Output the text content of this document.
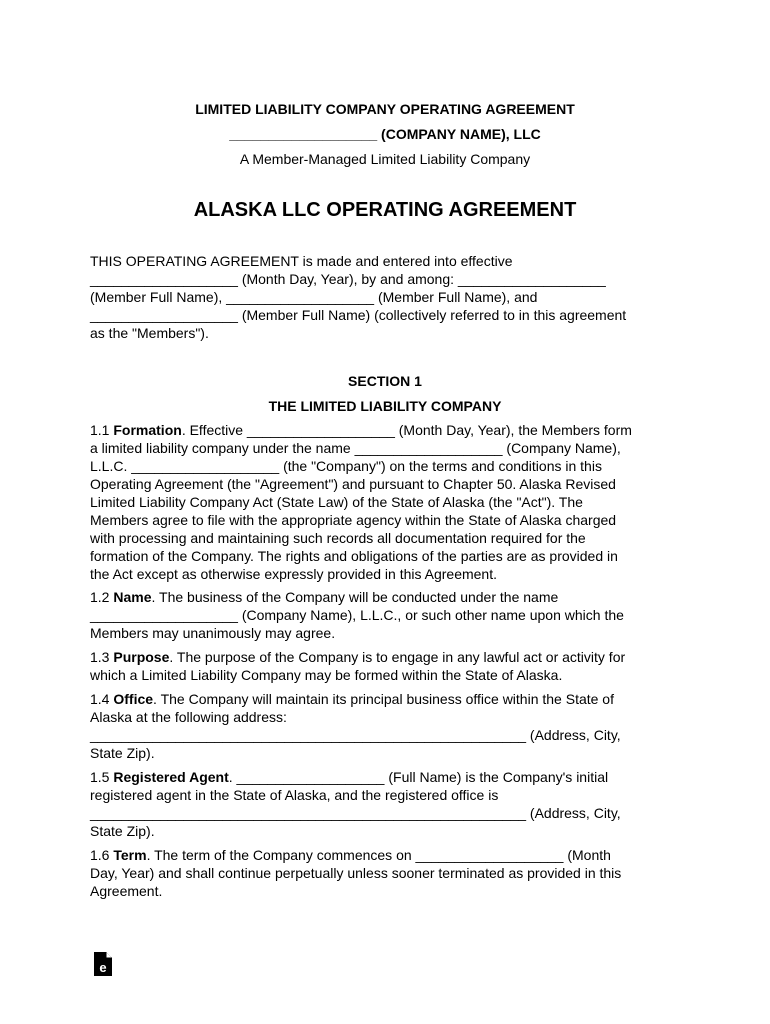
LIMITED LIABILITY COMPANY OPERATING AGREEMENT

___________________ (COMPANY NAME), LLC

A Member-Managed Limited Liability Company

ALASKA LLC OPERATING AGREEMENT

THIS OPERATING AGREEMENT is made and entered into effective
___________________ (Month Day, Year), by and among: ___________________
(Member Full Name), ___________________ (Member Full Name), and
___________________ (Member Full Name) (collectively referred to in this agreement
as the "Members").

SECTION 1

THE LIMITED LIABILITY COMPANY

1.1 Formation. Effective ___________________ (Month Day, Year), the Members form
a limited liability company under the name ___________________ (Company Name),
L.L.C. ___________________ (the "Company") on the terms and conditions in this
Operating Agreement (the "Agreement") and pursuant to Chapter 50. Alaska Revised
Limited Liability Company Act (State Law) of the State of Alaska (the "Act"). The
Members agree to file with the appropriate agency within the State of Alaska charged
with processing and maintaining such records all documentation required for the
formation of the Company. The rights and obligations of the parties are as provided in
the Act except as otherwise expressly provided in this Agreement.
1.2 Name. The business of the Company will be conducted under the name
___________________ (Company Name), L.L.C., or such other name upon which the
Members may unanimously may agree.
1.3 Purpose. The purpose of the Company is to engage in any lawful act or activity for
which a Limited Liability Company may be formed within the State of Alaska.
1.4 Office. The Company will maintain its principal business office within the State of
Alaska at the following address:
________________________________________________________ (Address, City,
State Zip).
1.5 Registered Agent. ___________________ (Full Name) is the Company's initial
registered agent in the State of Alaska, and the registered office is
________________________________________________________ (Address, City,
State Zip).
1.6 Term. The term of the Company commences on ___________________ (Month
Day, Year) and shall continue perpetually unless sooner terminated as provided in this
Agreement.
e
